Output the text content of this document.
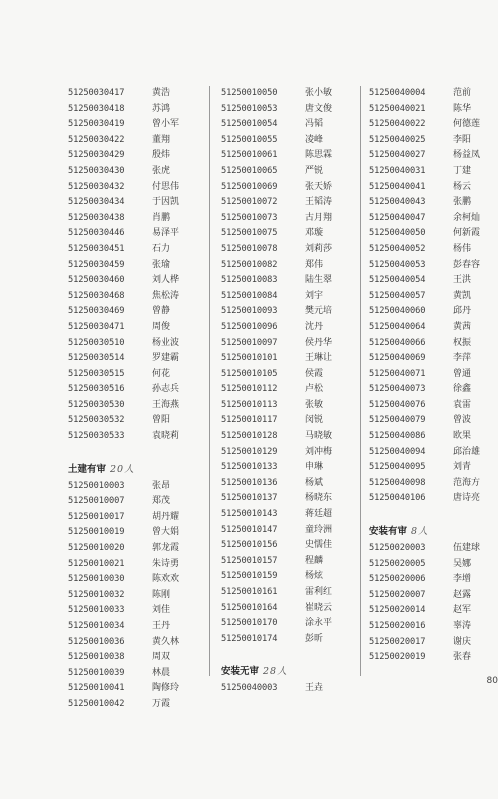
51250030417	黄浩
51250030418	苏鸿
51250030419	曾小军
51250030422	董翔
51250030429	殷炜
51250030430	张虎
51250030432	付思伟
51250030434	于因凯
51250030438	肖鹏
51250030446	易泽平
51250030451	石力
51250030459	张瑜
51250030460	刘人桦
51250030468	焦松涛
51250030469	曾静
51250030471	周俊
51250030510	杨业波
51250030514	罗建霸
51250030515	何花
51250030516	孙志兵
51250030530	王海燕
51250030532	曾阳
51250030533	袁晓莉
土建有审 20人
51250010003	张昂
51250010007	郑茂
51250010017	胡丹耀
51250010019	曾大娟
51250010020	郭龙霞
51250010021	朱诗勇
51250010030	陈欢欢
51250010032	陈刚
51250010033	刘佳
51250010034	王丹
51250010036	黄久林
51250010038	周双
51250010039	林晨
51250010041	陶修玲
51250010042	万霞
51250010050	张小敏
51250010053	唐文俊
51250010054	冯韬
51250010055	凌峰
51250010061	陈思霖
51250010065	严锐
51250010069	张天娇
51250010072	王韬涛
51250010073	古月翔
51250010075	邓璇
51250010078	刘莉莎
51250010082	郑伟
51250010083	陆生翠
51250010084	刘宇
51250010093	樊元培
51250010096	沈丹
51250010097	侯丹华
51250010101	王琳让
51250010105	侯霞
51250010112	卢松
51250010113	张敏
51250010117	闵锐
51250010128	马晓敏
51250010129	刘冲梅
51250010133	申琳
51250010136	杨斌
51250010137	杨晓东
51250010143	蒋廷超
51250010147	童玲洲
51250010156	史懦佳
51250010157	程麟
51250010159	杨炫
51250010161	雷利红
51250010164	崔晓云
51250010170	涂永平
51250010174	彭昕
安装无审 28人
51250040003	王垚
51250040004	范前
51250040021	陈华
51250040022	何德莲
51250040025	李阳
51250040027	杨益凤
51250040031	丁建
51250040041	杨云
51250040043	张鹏
51250040047	余柯灿
51250040050	何新霞
51250040052	杨伟
51250040053	彭春容
51250040054	王洪
51250040057	黄凯
51250040060	邱丹
51250040064	黄茜
51250040066	权振
51250040069	李萍
51250040071	曾通
51250040073	徐鑫
51250040076	袁雷
51250040079	曾波
51250040086	欧果
51250040094	邱治雄
51250040095	刘青
51250040098	范海方
51250040106	唐诗亮
安装有审 8人
51250020003	伍建球
51250020005	吴娜
51250020006	李增
51250020007	赵露
51250020014	赵军
51250020016	辜涛
51250020017	谢庆
51250020019	张春
80
